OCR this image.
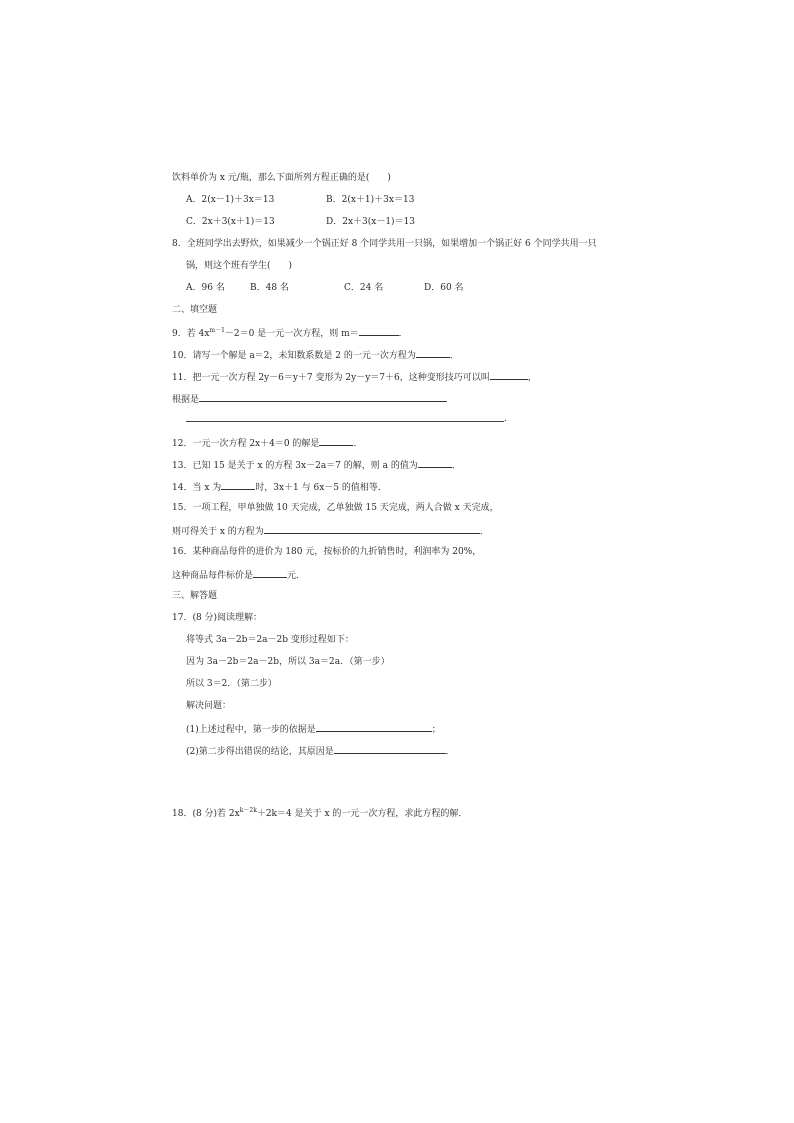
饮料单价为 x 元/瓶，那么下面所列方程正确的是(　　)
A．2(x－1)＋3x＝13	B．2(x＋1)＋3x＝13
C．2x＋3(x＋1)＝13	D．2x＋3(x－1)＝13
8．全班同学出去野炊，如果减少一个锅正好 8 个同学共用一只锅，如果增加一个锅正好 6 个同学共用一只
锅，则这个班有学生(　　)
A．96 名	B．48 名	C．24 名	D．60 名
二、填空题
9．若 $4x^{m-1}-2=0$ 是一元一次方程，则 m＝	．
10．请写一个解是 a＝2，未知数系数是 2 的一元一次方程为	．
11．把一元一次方程 2y－6＝y＋7 变形为 2y－y＝7＋6，这种变形技巧可以叫	，
根据是
．
12．一元一次方程 2x＋4＝0 的解是	．
13．已知 15 是关于 x 的方程 3x－2a＝7 的解，则 a 的值为	．
14．当 x 为	时，3x＋1 与 6x－5 的值相等．
15．一项工程，甲单独做 10 天完成，乙单独做 15 天完成，两人合做 x 天完成，
则可得关于 x 的方程为	．
16．某种商品每件的进价为 180 元，按标价的九折销售时，利润率为 20%，
这种商品每件标价是	元．
三、解答题
17．(8 分)阅读理解：
将等式 3a－2b＝2a－2b 变形过程如下：
因为 3a－2b＝2a－2b，所以 3a＝2a．（第一步）
所以 3＝2．（第二步）
解决问题：
(1)上述过程中，第一步的依据是	；
(2)第二步得出错误的结论，其原因是	．
18．(8 分)若 $2x^{k-2k}+2k=4$ 是关于 x 的一元一次方程，求此方程的解．
